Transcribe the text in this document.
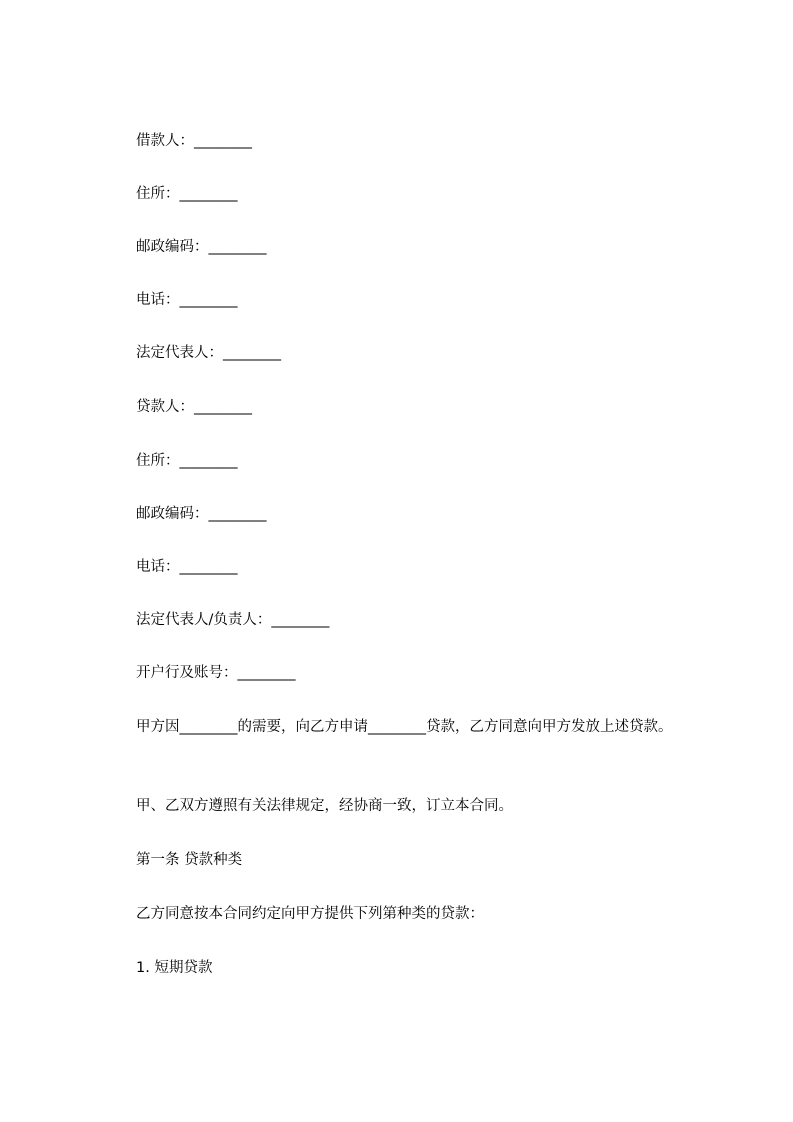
借款人：________
住所：________
邮政编码：________
电话：________
法定代表人：________
贷款人：________
住所：________
邮政编码：________
电话：________
法定代表人/负责人：________
开户行及账号：________
甲方因________的需要，向乙方申请________贷款，乙方同意向甲方发放上述贷款。
甲、乙双方遵照有关法律规定，经协商一致，订立本合同。
第一条 贷款种类
乙方同意按本合同约定向甲方提供下列第种类的贷款：
1. 短期贷款
